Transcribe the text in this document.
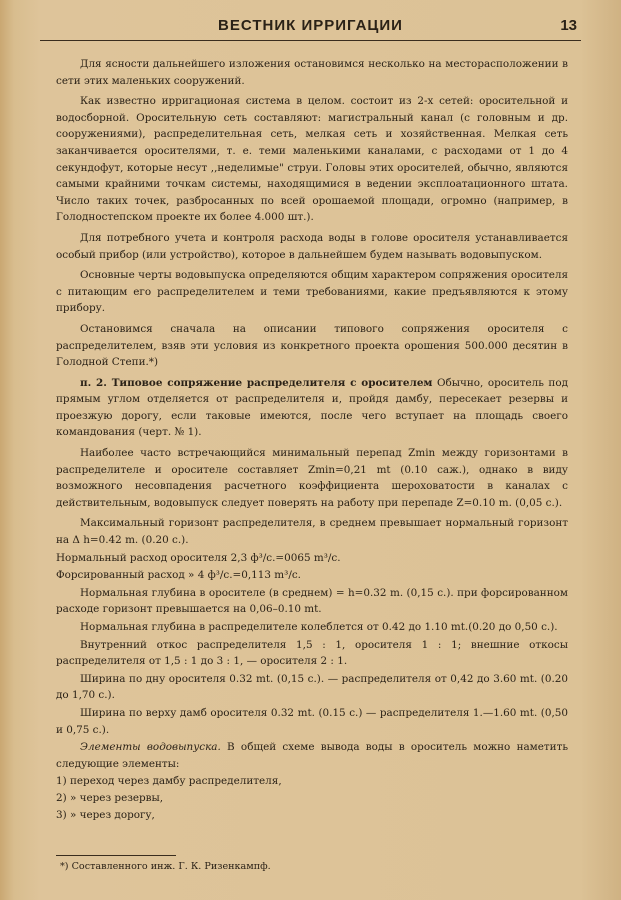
ВЕСТНИК ИРРИГАЦИИ	13

Для ясности дальнейшего изложения остановимся несколько на месторасположении в сети этих маленьких сооружений.

Как известно ирригационая система в целом. состоит из 2-х сетей: оросительной и водосборной. Оросительную сеть составляют: магистральный канал (с головным и др. сооружениями), распределительная сеть, мелкая сеть и хозяйственная. Мелкая сеть заканчивается оросителями, т. е. теми маленькими каналами, с расходами от 1 до 4 секундофут, которые несут ,,неделимые" струи. Головы этих оросителей, обычно, являются самыми крайними точкам системы, находящимися в ведении эксплоатационного штата. Число таких точек, разбросанных по всей орошаемой площади, огромно (например, в Голодностепском проекте их более 4.000 шт.).

Для потребного учета и контроля расхода воды в голове оросителя устанавливается особый прибор (или устройство), которое в дальнейшем будем называть водовыпуском.

Основные черты водовыпуска определяются общим характером сопряжения оросителя с питающим его распределителем и теми требованиями, какие предъявляются к этому прибору.

Остановимся сначала на описании типового сопряжения оросителя с распределителем, взяв эти условия из конкретного проекта орошения 500.000 десятин в Голодной Степи.*)

п. 2. Типовое сопряжение распределителя с оросителем Обычно, ороситель под прямым углом отделяется от распределителя и, пройдя дамбу, пересекает резервы и проезжую дорогу, если таковые имеются, после чего вступает на площадь своего командования (черт. № 1).

Наиболее часто встречающийся минимальный перепад Zmin между горизонтами в распределителе и оросителе составляет Zmin=0,21 mt (0.10 саж.), однако в виду возможного несовпадения расчетного коэффициента шероховатости в каналах с действительным, водовыпуск следует поверять на работу при перепаде Z=0.10 m. (0,05 с.).

Максимальный горизонт распределителя, в среднем превышает нормальный горизонт на Δ h=0.42 m. (0.20 с.).

Нормальный расход оросителя 2,3 ф³/с.=0065 m³/с.

Форсированный расход » 4 ф³/с.=0,113 m³/с.

Нормальная глубина в оросителе (в среднем) = h=0.32 m. (0,15 с.). при форсированном расходе горизонт превышается на 0,06–0.10 mt.

Нормальная глубина в распределителе колеблется от 0.42 до 1.10 mt.(0.20 до 0,50 с.).

Внутренний откос распределителя 1,5 : 1, оросителя 1 : 1; внешние откосы распределителя от 1,5 : 1 до 3 : 1, — оросителя 2 : 1.

Ширина по дну оросителя 0.32 mt. (0,15 с.). — распределителя от 0,42 до 3.60 mt. (0.20 до 1,70 с.).

Ширина по верху дамб оросителя 0.32 mt. (0.15 с.) — распределителя 1.—1.60 mt. (0,50 и 0,75 с.).

Элементы водовыпуска. В общей схеме вывода воды в ороситель можно наметить следующие элементы:

1) переход через дамбу распределителя,

2) » через резервы,

3) » через дорогу,

*) Составленного инж. Г. К. Ризенкампф.
